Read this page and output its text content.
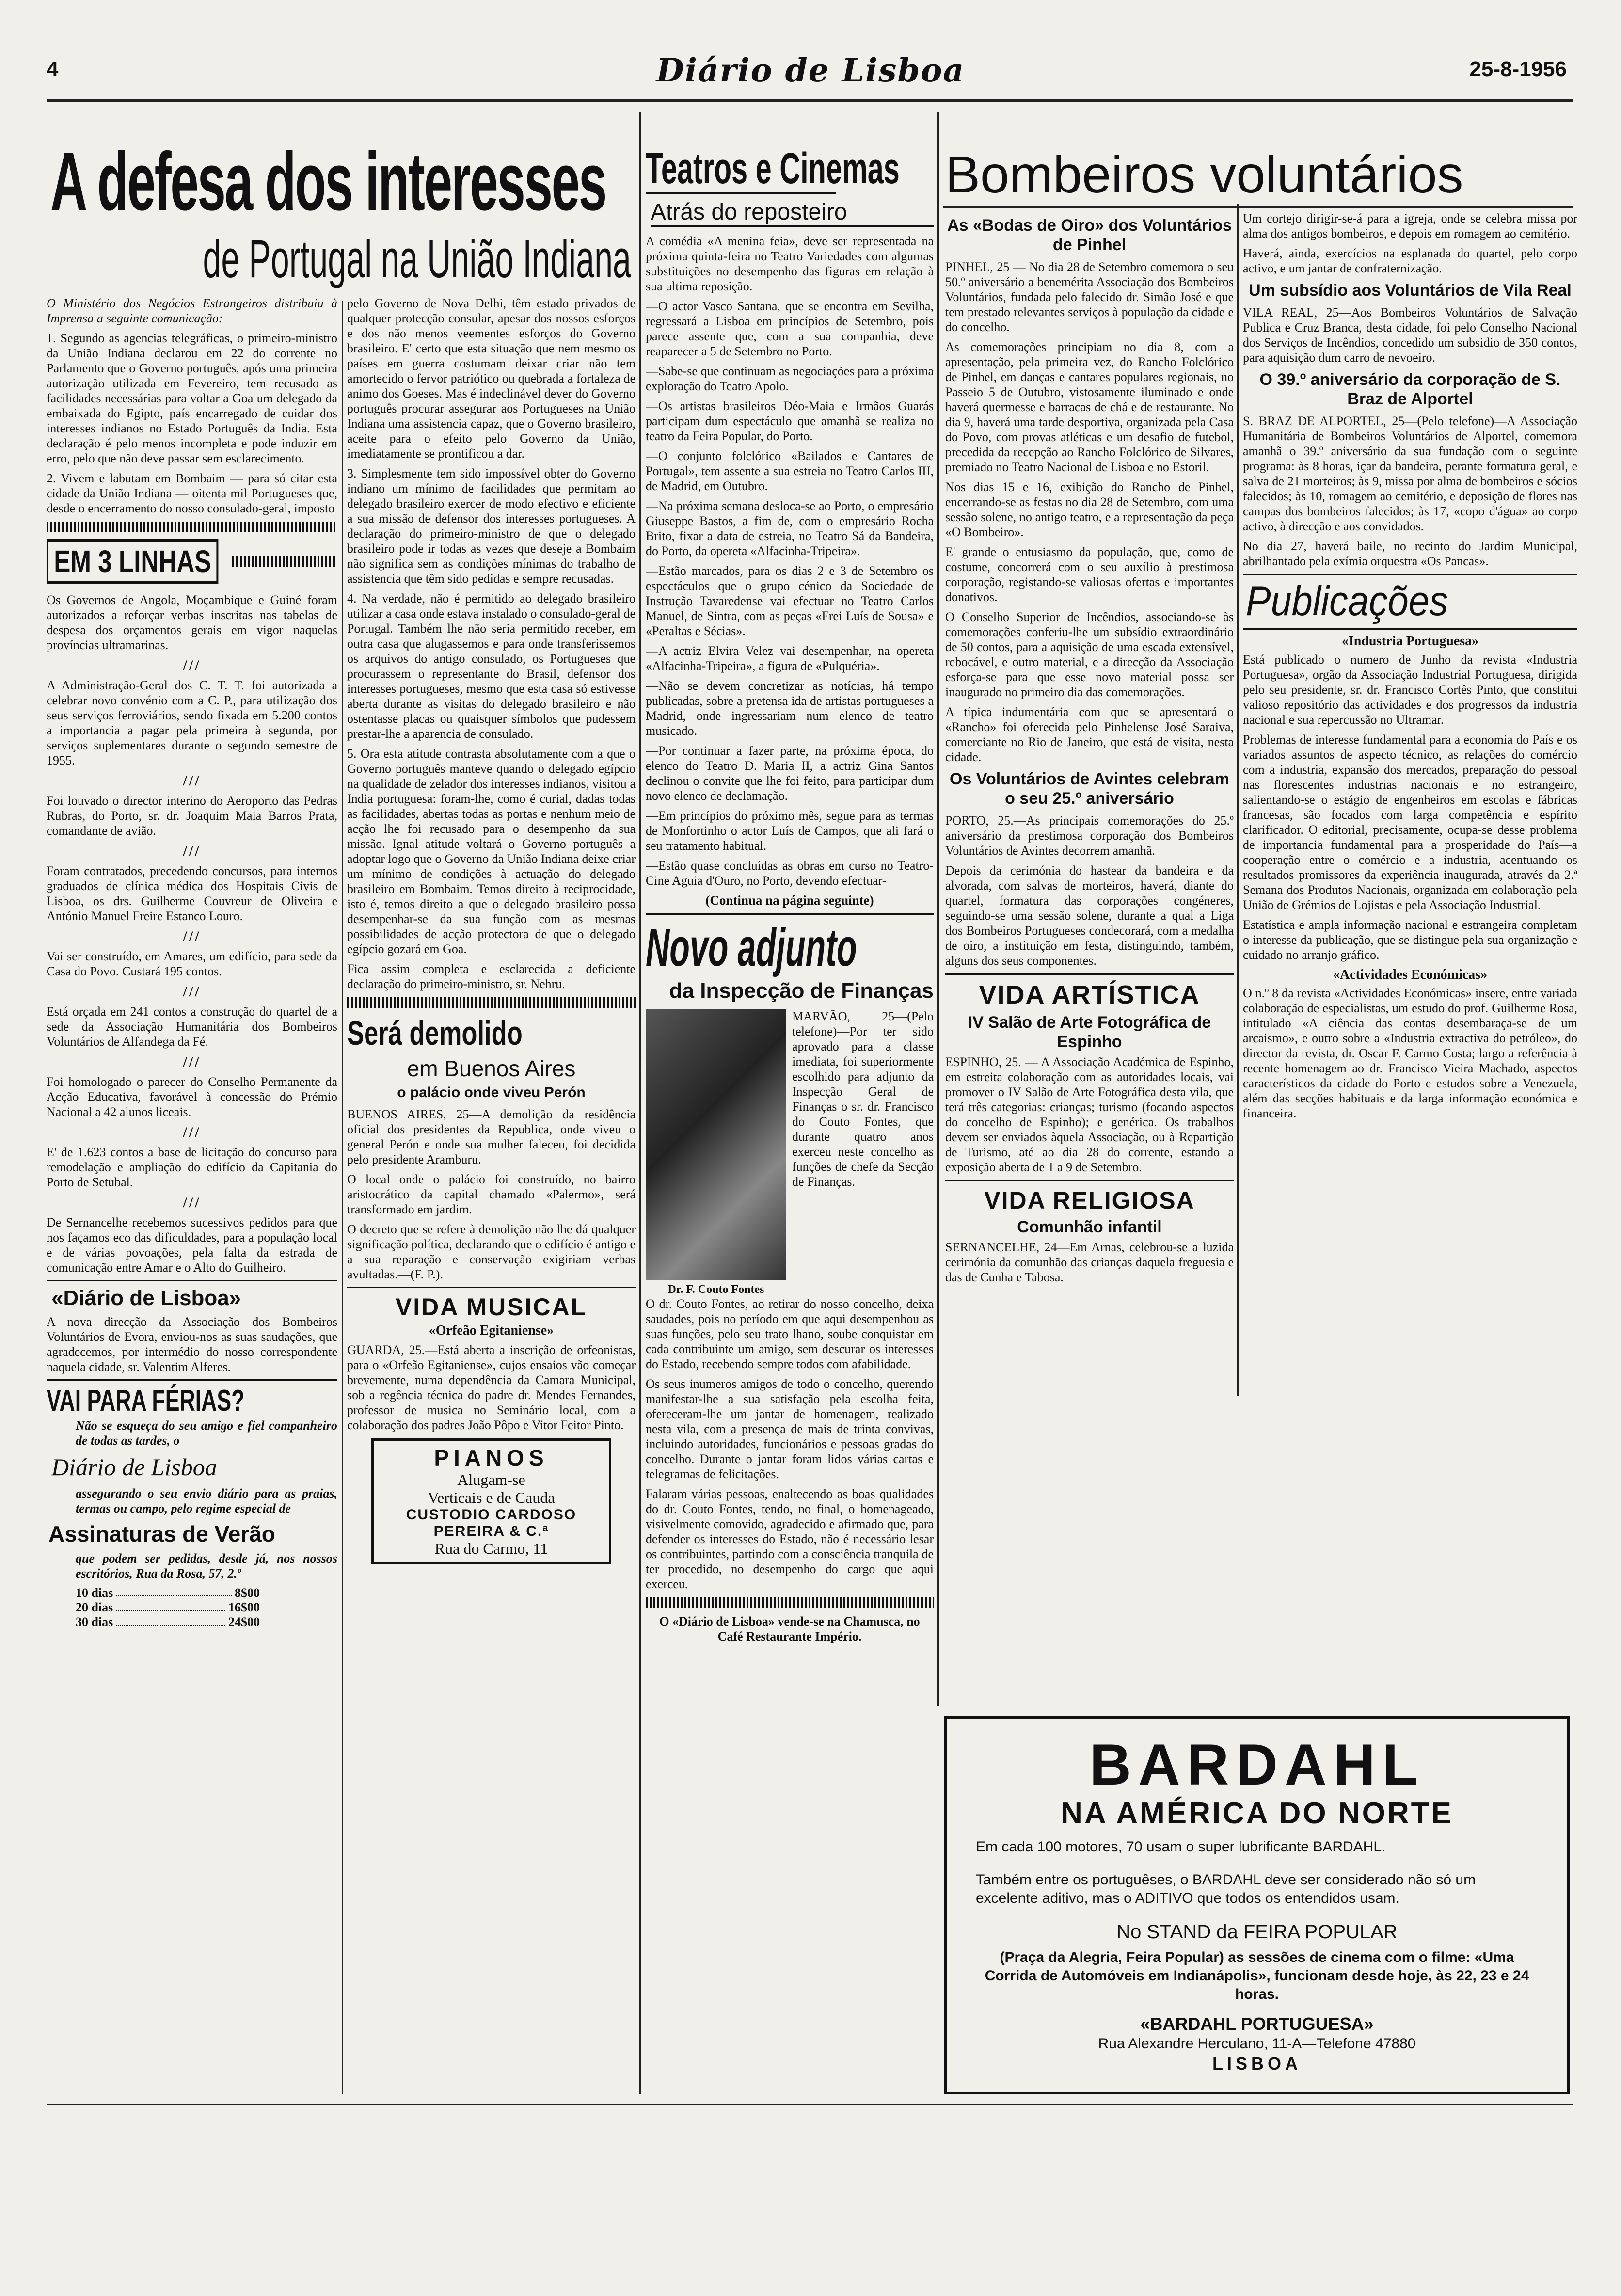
4	Diário de Lisboa	25-8-1956
A defesa dos interesses
de Portugal na União Indiana

O Ministério dos Negócios Estrangeiros distribuiu à Imprensa a seguinte comunicação:

1. Segundo as agencias telegráficas, o primeiro-ministro da União Indiana declarou em 22 do corrente no Parlamento que o Governo português, após uma primeira autorização utilizada em Fevereiro, tem recusado as facilidades necessárias para voltar a Goa um delegado da embaixada do Egipto, país encarregado de cuidar dos interesses indianos no Estado Português da India. Esta declaração é pelo menos incompleta e pode induzir em erro, pelo que não deve passar sem esclarecimento.

2. Vivem e labutam em Bombaim — para só citar esta cidade da União Indiana — oitenta mil Portugueses que, desde o encerramento do nosso consulado-geral, imposto

EM 3 LINHAS

Os Governos de Angola, Moçambique e Guiné foram autorizados a reforçar verbas inscritas nas tabelas de despesa dos orçamentos gerais em vigor naquelas províncias ultramarinas.

///

A Administração-Geral dos C. T. T. foi autorizada a celebrar novo convénio com a C. P., para utilização dos seus serviços ferroviários, sendo fixada em 5.200 contos a importancia a pagar pela primeira à segunda, por serviços suplementares durante o segundo semestre de 1955.

///

Foi louvado o director interino do Aeroporto das Pedras Rubras, do Porto, sr. dr. Joaquim Maia Barros Prata, comandante de avião.

///

Foram contratados, precedendo concursos, para internos graduados de clínica médica dos Hospitais Civis de Lisboa, os drs. Guilherme Couvreur de Oliveira e António Manuel Freire Estanco Louro.

///

Vai ser construído, em Amares, um edifício, para sede da Casa do Povo. Custará 195 contos.

///

Está orçada em 241 contos a construção do quartel de a sede da Associação Humanitária dos Bombeiros Voluntários de Alfandega da Fé.

///

Foi homologado o parecer do Conselho Permanente da Acção Educativa, favorável à concessão do Prémio Nacional a 42 alunos liceais.

///

E' de 1.623 contos a base de licitação do concurso para remodelação e ampliação do edifício da Capitania do Porto de Setubal.

///

De Sernancelhe recebemos sucessivos pedidos para que nos façamos eco das dificuldades, para a população local e de várias povoações, pela falta da estrada de comunicação entre Amar e o Alto do Guilheiro.

«Diário de Lisboa»

A nova direcção da Associação dos Bombeiros Voluntários de Evora, enviou-nos as suas saudações, que agradecemos, por intermédio do nosso correspondente naquela cidade, sr. Valentim Alferes.

VAI PARA FÉRIAS?

Não se esqueça do seu amigo e fiel companheiro de todas as tardes, o

Diário de Lisboa

assegurando o seu envio diário para as praias, termas ou campo, pelo regime especial de

Assinaturas de Verão

que podem ser pedidas, desde já, nos nossos escritórios, Rua da Rosa, 57, 2.º

10 dias	8$00
20 dias	16$00
30 dias	24$00

pelo Governo de Nova Delhi, têm estado privados de qualquer protecção consular, apesar dos nossos esforços e dos não menos veementes esforços do Governo brasileiro. E' certo que esta situação que nem mesmo os países em guerra costumam deixar criar não tem amortecido o fervor patriótico ou quebrada a fortaleza de animo dos Goeses. Mas é indeclinável dever do Governo português procurar assegurar aos Portugueses na União Indiana uma assistencia capaz, que o Governo brasileiro, aceite para o efeito pelo Governo da União, imediatamente se prontificou a dar.

3. Simplesmente tem sido impossível obter do Governo indiano um mínimo de facilidades que permitam ao delegado brasileiro exercer de modo efectivo e eficiente a sua missão de defensor dos interesses portugueses. A declaração do primeiro-ministro de que o delegado brasileiro pode ir todas as vezes que deseje a Bombaim não significa sem as condições mínimas do trabalho de assistencia que têm sido pedidas e sempre recusadas.

4. Na verdade, não é permitido ao delegado brasileiro utilizar a casa onde estava instalado o consulado-geral de Portugal. Também lhe não seria permitido receber, em outra casa que alugassemos e para onde transferissemos os arquivos do antigo consulado, os Portugueses que procurassem o representante do Brasil, defensor dos interesses portugueses, mesmo que esta casa só estivesse aberta durante as visitas do delegado brasileiro e não ostentasse placas ou quaisquer símbolos que pudessem prestar-lhe a aparencia de consulado.

5. Ora esta atitude contrasta absolutamente com a que o Governo português manteve quando o delegado egípcio na qualidade de zelador dos interesses indianos, visitou a India portuguesa: foram-lhe, como é curial, dadas todas as facilidades, abertas todas as portas e nenhum meio de acção lhe foi recusado para o desempenho da sua missão. Ignal atitude voltará o Governo português a adoptar logo que o Governo da União Indiana deixe criar um mínimo de condições à actuação do delegado brasileiro em Bombaim. Temos direito à reciprocidade, isto é, temos direito a que o delegado brasileiro possa desempenhar-se da sua função com as mesmas possibilidades de acção protectora de que o delegado egípcio gozará em Goa.

Fica assim completa e esclarecida a deficiente declaração do primeiro-ministro, sr. Nehru.

Será demolido
em Buenos Aires
o palácio onde viveu Perón

BUENOS AIRES, 25—A demolição da residência oficial dos presidentes da Republica, onde viveu o general Perón e onde sua mulher faleceu, foi decidida pelo presidente Aramburu.

O local onde o palácio foi construído, no bairro aristocrático da capital chamado «Palermo», será transformado em jardim.

O decreto que se refere à demolição não lhe dá qualquer significação política, declarando que o edifício é antigo e a sua reparação e conservação exigiriam verbas avultadas.—(F. P.).

VIDA MUSICAL
«Orfeão Egitaniense»

GUARDA, 25.—Está aberta a inscrição de orfeonistas, para o «Orfeão Egitaniense», cujos ensaios vão começar brevemente, numa dependência da Camara Municipal, sob a regência técnica do padre dr. Mendes Fernandes, professor de musica no Seminário local, com a colaboração dos padres João Pôpo e Vitor Feitor Pinto.

PIANOS
Alugam-se
Verticais e de Cauda
CUSTODIO CARDOSO
PEREIRA & C.ª
Rua do Carmo, 11
Teatros e Cinemas
Atrás do reposteiro

A comédia «A menina feia», deve ser representada na próxima quinta-feira no Teatro Variedades com algumas substituições no desempenho das figuras em relação à sua ultima reposição.

—O actor Vasco Santana, que se encontra em Sevilha, regressará a Lisboa em princípios de Setembro, pois parece assente que, com a sua companhia, deve reaparecer a 5 de Setembro no Porto.

—Sabe-se que continuam as negociações para a próxima exploração do Teatro Apolo.

—Os artistas brasileiros Déo-Maia e Irmãos Guarás participam dum espectáculo que amanhã se realiza no teatro da Feira Popular, do Porto.

—O conjunto folclórico «Bailados e Cantares de Portugal», tem assente a sua estreia no Teatro Carlos III, de Madrid, em Outubro.

—Na próxima semana desloca-se ao Porto, o empresário Giuseppe Bastos, a fim de, com o empresário Rocha Brito, fixar a data de estreia, no Teatro Sá da Bandeira, do Porto, da opereta «Alfacinha-Tripeira».

—Estão marcados, para os dias 2 e 3 de Setembro os espectáculos que o grupo cénico da Sociedade de Instrução Tavaredense vai efectuar no Teatro Carlos Manuel, de Sintra, com as peças «Frei Luís de Sousa» e «Peraltas e Sécias».

—A actriz Elvira Velez vai desempenhar, na opereta «Alfacinha-Tripeira», a figura de «Pulquéria».

—Não se devem concretizar as notícias, há tempo publicadas, sobre a pretensa ida de artistas portugueses a Madrid, onde ingressariam num elenco de teatro musicado.

—Por continuar a fazer parte, na próxima época, do elenco do Teatro D. Maria II, a actriz Gina Santos declinou o convite que lhe foi feito, para participar dum novo elenco de declamação.

—Em princípios do próximo mês, segue para as termas de Monfortinho o actor Luís de Campos, que ali fará o seu tratamento habitual.

—Estão quase concluídas as obras em curso no Teatro-Cine Aguia d'Ouro, no Porto, devendo efectuar-

(Continua na página seguinte)
Novo adjunto
da Inspecção de Finanças
Dr. F. Couto Fontes

MARVÃO, 25—(Pelo telefone)—Por ter sido aprovado para a classe imediata, foi superiormente escolhido para adjunto da Inspecção Geral de Finanças o sr. dr. Francisco do Couto Fontes, que durante quatro anos exerceu neste concelho as funções de chefe da Secção de Finanças.

O dr. Couto Fontes, ao retirar do nosso concelho, deixa saudades, pois no período em que aqui desempenhou as suas funções, pelo seu trato lhano, soube conquistar em cada contribuinte um amigo, sem descurar os interesses do Estado, recebendo sempre todos com afabilidade.

Os seus inumeros amigos de todo o concelho, querendo manifestar-lhe a sua satisfação pela escolha feita, ofereceram-lhe um jantar de homenagem, realizado nesta vila, com a presença de mais de trinta convivas, incluindo autoridades, funcionários e pessoas gradas do concelho. Durante o jantar foram lidos várias cartas e telegramas de felicitações.

Falaram várias pessoas, enaltecendo as boas qualidades do dr. Couto Fontes, tendo, no final, o homenageado, visivelmente comovido, agradecido e afirmado que, para defender os interesses do Estado, não é necessário lesar os contribuintes, partindo com a consciência tranquila de ter procedido, no desempenho do cargo que aqui exerceu.

O «Diário de Lisboa» vende-se na Chamusca, no Café Restaurante Império.

Bombeiros voluntários
As «Bodas de Oiro» dos Voluntários de Pinhel

PINHEL, 25 — No dia 28 de Setembro comemora o seu 50.º aniversário a benemérita Associação dos Bombeiros Voluntários, fundada pelo falecido dr. Simão José e que tem prestado relevantes serviços à população da cidade e do concelho.

As comemorações principiam no dia 8, com a apresentação, pela primeira vez, do Rancho Folclórico de Pinhel, em danças e cantares populares regionais, no Passeio 5 de Outubro, vistosamente iluminado e onde haverá quermesse e barracas de chá e de restaurante. No dia 9, haverá uma tarde desportiva, organizada pela Casa do Povo, com provas atléticas e um desafio de futebol, precedida da recepção ao Rancho Folclórico de Silvares, premiado no Teatro Nacional de Lisboa e no Estoril.

Nos dias 15 e 16, exibição do Rancho de Pinhel, encerrando-se as festas no dia 28 de Setembro, com uma sessão solene, no antigo teatro, e a representação da peça «O Bombeiro».

E' grande o entusiasmo da população, que, como de costume, concorrerá com o seu auxílio à prestimosa corporação, registando-se valiosas ofertas e importantes donativos.

O Conselho Superior de Incêndios, associando-se às comemorações conferiu-lhe um subsídio extraordinário de 50 contos, para a aquisição de uma escada extensível, rebocável, e outro material, e a direcção da Associação esforça-se para que esse novo material possa ser inaugurado no primeiro dia das comemorações.

A típica indumentária com que se apresentará o «Rancho» foi oferecida pelo Pinhelense José Saraiva, comerciante no Rio de Janeiro, que está de visita, nesta cidade.

Os Voluntários de Avintes celebram o seu 25.º aniversário

PORTO, 25.—As principais comemorações do 25.º aniversário da prestimosa corporação dos Bombeiros Voluntários de Avintes decorrem amanhã.

Depois da cerimónia do hastear da bandeira e da alvorada, com salvas de morteiros, haverá, diante do quartel, formatura das corporações congéneres, seguindo-se uma sessão solene, durante a qual a Liga dos Bombeiros Portugueses condecorará, com a medalha de oiro, a instituição em festa, distinguindo, também, alguns dos seus componentes.

VIDA ARTÍSTICA
IV Salão de Arte Fotográfica de Espinho

ESPINHO, 25. — A Associação Académica de Espinho, em estreita colaboração com as autoridades locais, vai promover o IV Salão de Arte Fotográfica desta vila, que terá três categorias: crianças; turismo (focando aspectos do concelho de Espinho); e genérica. Os trabalhos devem ser enviados àquela Associação, ou à Repartição de Turismo, até ao dia 28 do corrente, estando a exposição aberta de 1 a 9 de Setembro.

VIDA RELIGIOSA
Comunhão infantil

SERNANCELHE, 24—Em Arnas, celebrou-se a luzida cerimónia da comunhão das crianças daquela freguesia e das de Cunha e Tabosa.

Um cortejo dirigir-se-á para a igreja, onde se celebra missa por alma dos antigos bombeiros, e depois em romagem ao cemitério.

Haverá, ainda, exercícios na esplanada do quartel, pelo corpo activo, e um jantar de confraternização.

Um subsídio aos Voluntários de Vila Real

VILA REAL, 25—Aos Bombeiros Voluntários de Salvação Publica e Cruz Branca, desta cidade, foi pelo Conselho Nacional dos Serviços de Incêndios, concedido um subsidio de 350 contos, para aquisição dum carro de nevoeiro.

O 39.º aniversário da corporação de S. Braz de Alportel

S. BRAZ DE ALPORTEL, 25—(Pelo telefone)—A Associação Humanitária de Bombeiros Voluntários de Alportel, comemora amanhã o 39.º aniversário da sua fundação com o seguinte programa: às 8 horas, içar da bandeira, perante formatura geral, e salva de 21 morteiros; às 9, missa por alma de bombeiros e sócios falecidos; às 10, romagem ao cemitério, e deposição de flores nas campas dos bombeiros falecidos; às 17, «copo d'água» ao corpo activo, à direcção e aos convidados.

No dia 27, haverá baile, no recinto do Jardim Municipal, abrilhantado pela exímia orquestra «Os Pancas».

Publicações
«Industria Portuguesa»

Está publicado o numero de Junho da revista «Industria Portuguesa», orgão da Associação Industrial Portuguesa, dirigida pelo seu presidente, sr. dr. Francisco Cortês Pinto, que constitui valioso repositório das actividades e dos progressos da industria nacional e sua repercussão no Ultramar.

Problemas de interesse fundamental para a economia do País e os variados assuntos de aspecto técnico, as relações do comércio com a industria, expansão dos mercados, preparação do pessoal nas florescentes industrias nacionais e no estrangeiro, salientando-se o estágio de engenheiros em escolas e fábricas francesas, são focados com larga competência e espírito clarificador. O editorial, precisamente, ocupa-se desse problema de importancia fundamental para a prosperidade do País—a cooperação entre o comércio e a industria, acentuando os resultados promissores da experiência inaugurada, através da 2.ª Semana dos Produtos Nacionais, organizada em colaboração pela União de Grémios de Lojistas e pela Associação Industrial.

Estatística e ampla informação nacional e estrangeira completam o interesse da publicação, que se distingue pela sua organização e cuidado no arranjo gráfico.

«Actividades Económicas»

O n.º 8 da revista «Actividades Económicas» insere, entre variada colaboração de especialistas, um estudo do prof. Guilherme Rosa, intitulado «A ciência das contas desembaraça-se de um arcaismo», e outro sobre a «Industria extractiva do petróleo», do director da revista, dr. Oscar F. Carmo Costa; largo a referência à recente homenagem ao dr. Francisco Vieira Machado, aspectos característicos da cidade do Porto e estudos sobre a Venezuela, além das secções habituais e da larga informação económica e financeira.

BARDAHL
NA AMÉRICA DO NORTE
Em cada 100 motores, 70 usam o super lubrificante BARDAHL.
Também entre os portuguêses, o BARDAHL deve ser considerado não só um excelente aditivo, mas o ADITIVO que todos os entendidos usam.
No STAND da FEIRA POPULAR
(Praça da Alegria, Feira Popular) as sessões de cinema com o filme: «Uma Corrida de Automóveis em Indianápolis», funcionam desde hoje, às 22, 23 e 24 horas.
«BARDAHL PORTUGUESA»
Rua Alexandre Herculano, 11-A—Telefone 47880
LISBOA
